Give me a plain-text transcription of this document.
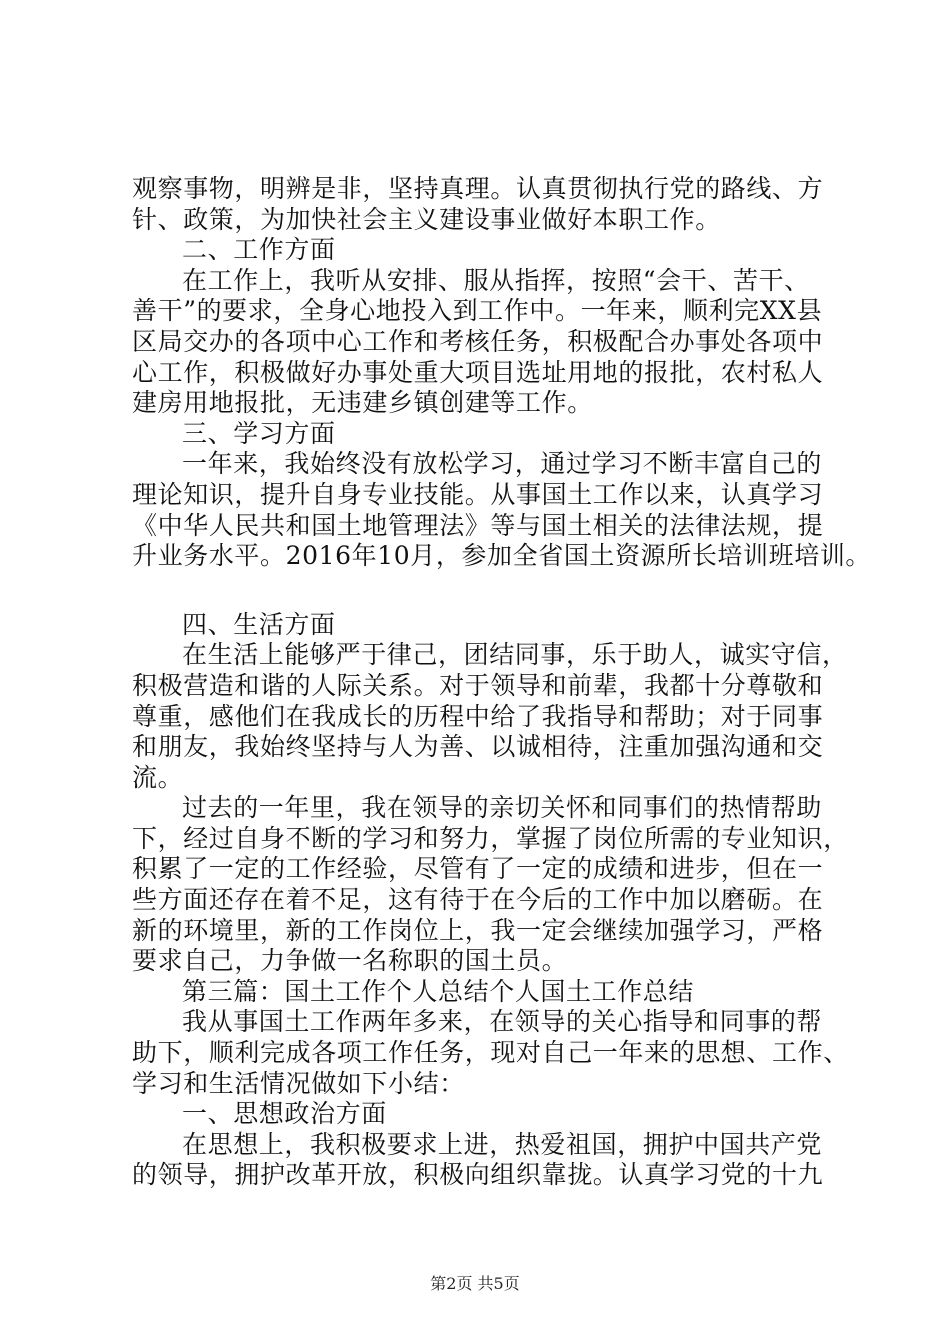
观察事物，明辨是非，坚持真理。认真贯彻执行党的路线、方
针、政策，为加快社会主义建设事业做好本职工作。
二、工作方面
在工作上，我听从安排、服从指挥，按照“会干、苦干、
善干”的要求，全身心地投入到工作中。一年来，顺利完XX县
区局交办的各项中心工作和考核任务，积极配合办事处各项中
心工作，积极做好办事处重大项目选址用地的报批，农村私人
建房用地报批，无违建乡镇创建等工作。
三、学习方面
一年来，我始终没有放松学习，通过学习不断丰富自己的
理论知识，提升自身专业技能。从事国土工作以来，认真学习
《中华人民共和国土地管理法》等与国土相关的法律法规，提
升业务水平。2016年10月，参加全省国土资源所长培训班培训。
四、生活方面
在生活上能够严于律己，团结同事，乐于助人，诚实守信，
积极营造和谐的人际关系。对于领导和前辈，我都十分尊敬和
尊重，感他们在我成长的历程中给了我指导和帮助；对于同事
和朋友，我始终坚持与人为善、以诚相待，注重加强沟通和交
流。
过去的一年里，我在领导的亲切关怀和同事们的热情帮助
下，经过自身不断的学习和努力，掌握了岗位所需的专业知识，
积累了一定的工作经验，尽管有了一定的成绩和进步，但在一
些方面还存在着不足，这有待于在今后的工作中加以磨砺。在
新的环境里，新的工作岗位上，我一定会继续加强学习，严格
要求自己，力争做一名称职的国土员。
第三篇：国土工作个人总结个人国土工作总结
我从事国土工作两年多来，在领导的关心指导和同事的帮
助下，顺利完成各项工作任务，现对自己一年来的思想、工作、
学习和生活情况做如下小结：
一、思想政治方面
在思想上，我积极要求上进，热爱祖国，拥护中国共产党
的领导，拥护改革开放，积极向组织靠拢。认真学习党的十九
第2页 共5页
